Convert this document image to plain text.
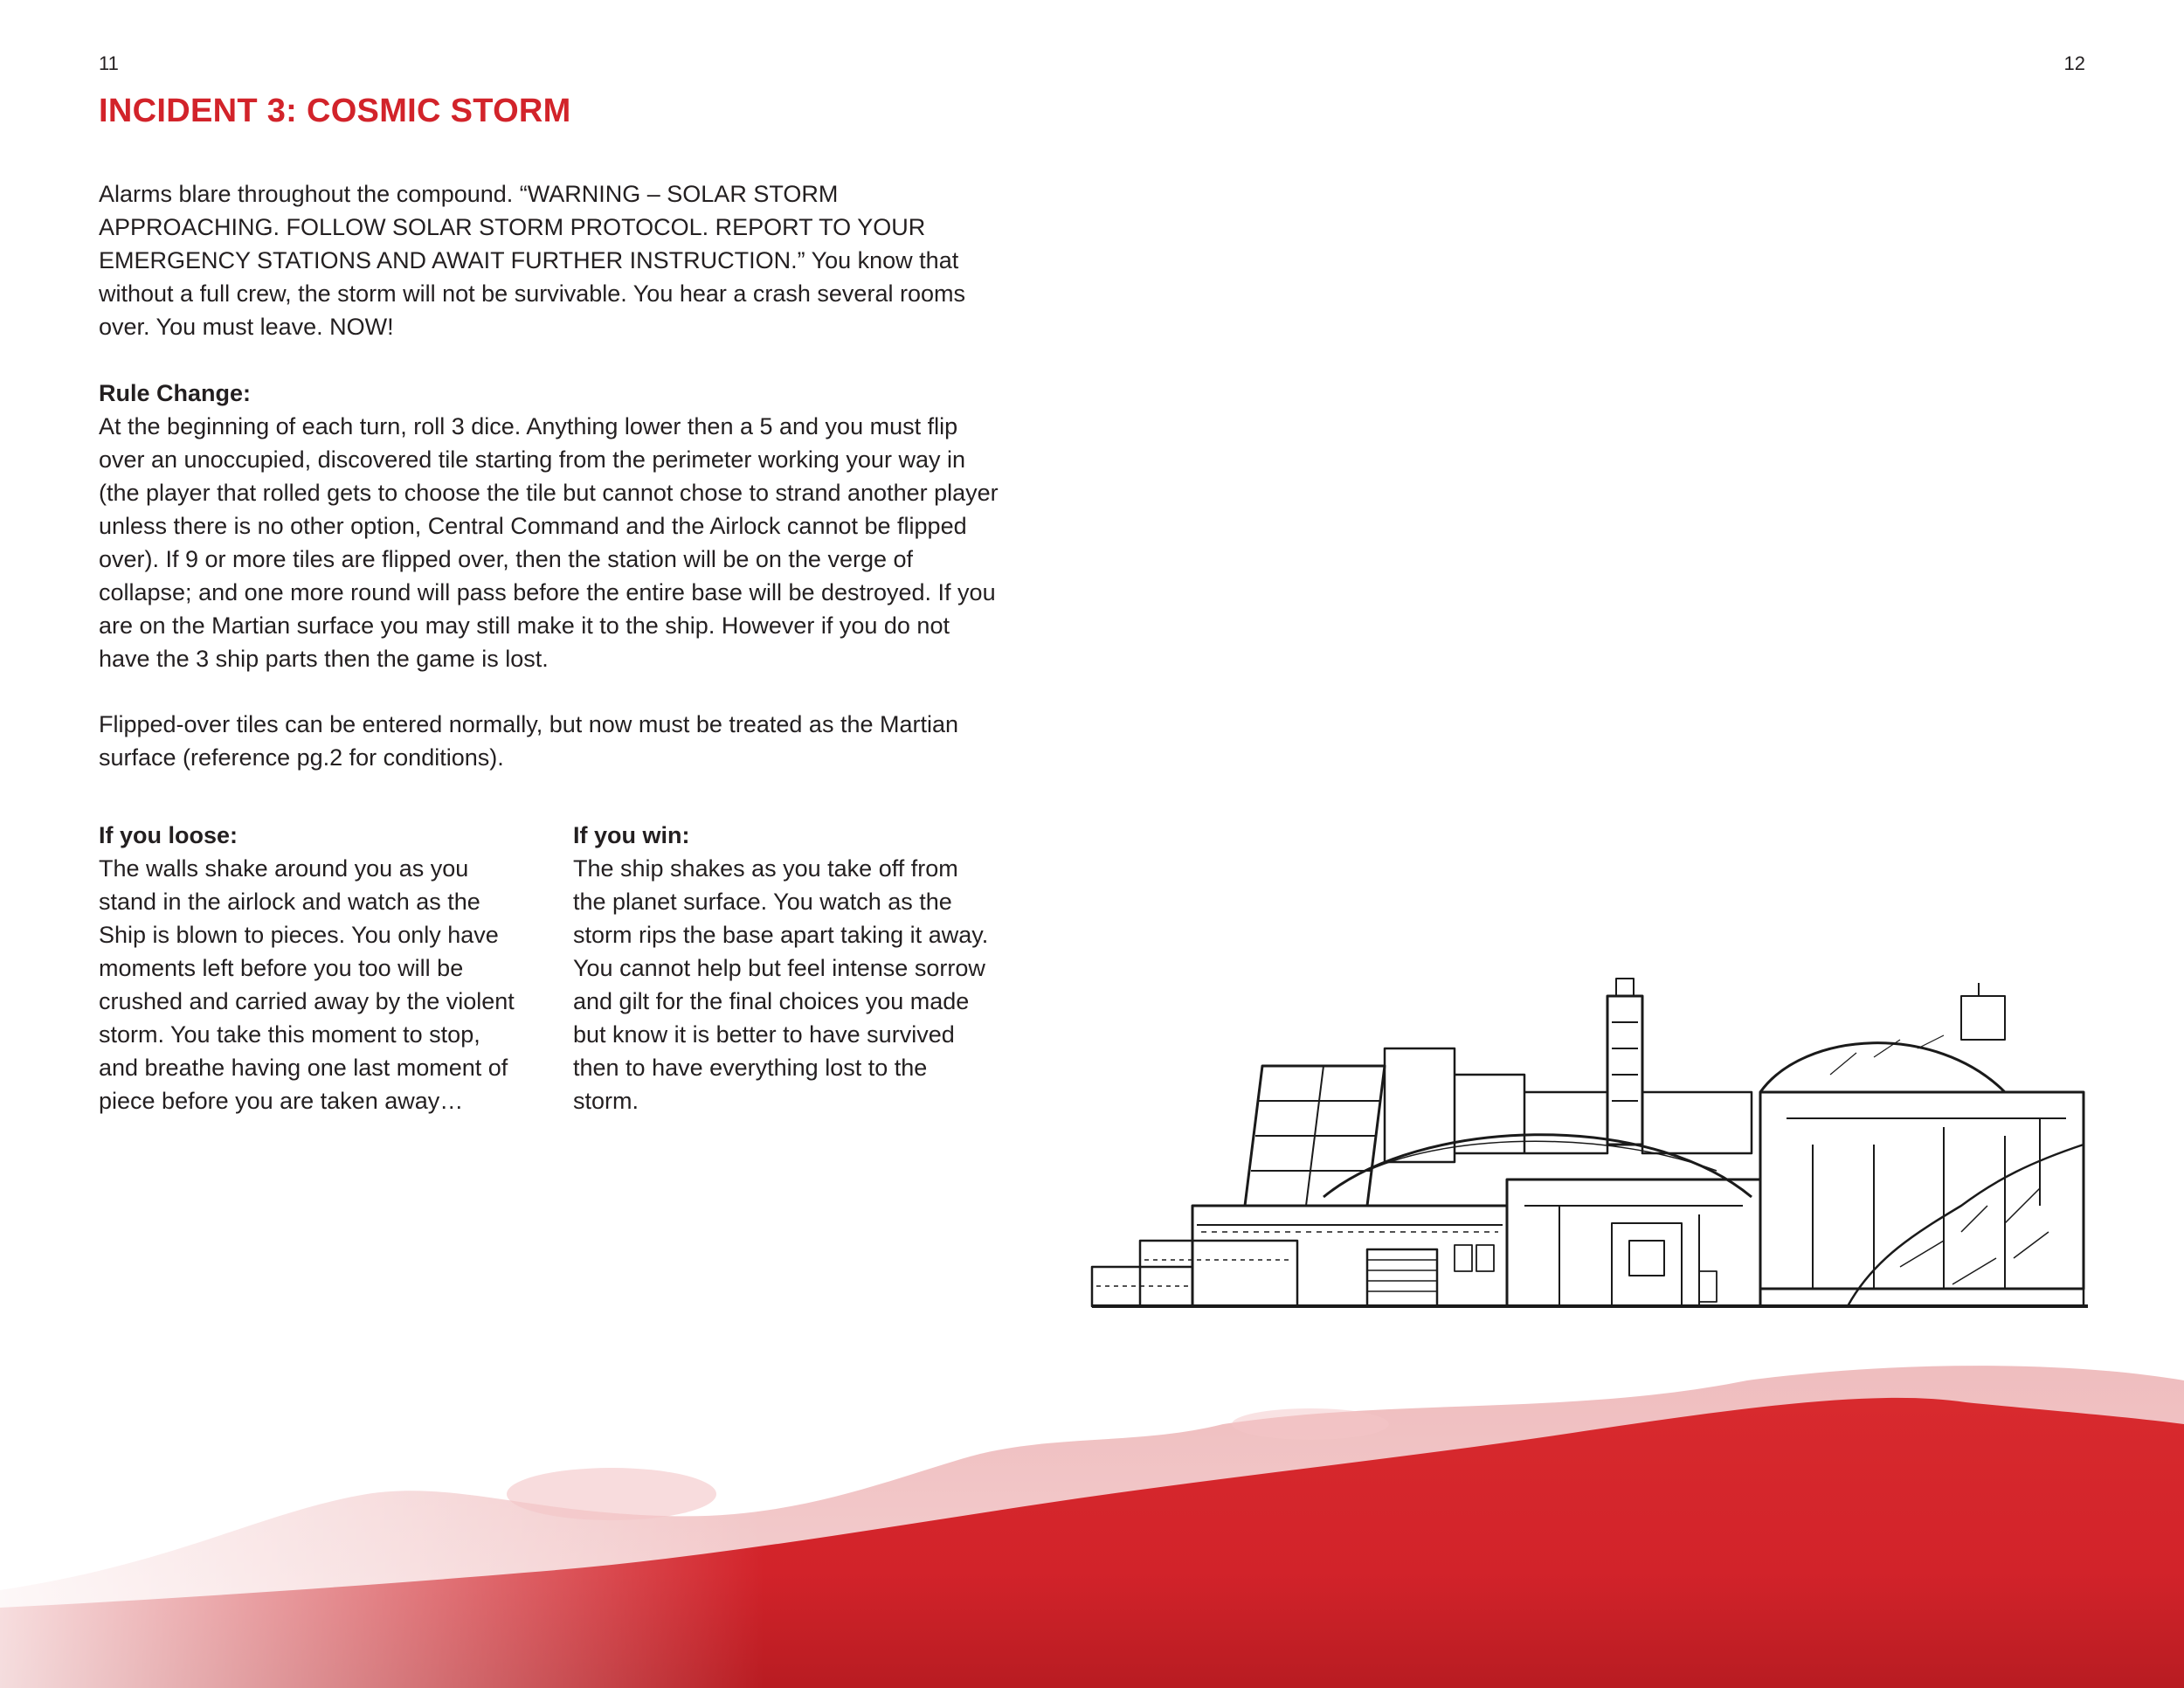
11	12
INCIDENT 3: COSMIC STORM

Alarms blare throughout the compound. “WARNING – SOLAR STORM APPROACHING. FOLLOW SOLAR STORM PROTOCOL. REPORT TO YOUR EMERGENCY STATIONS AND AWAIT FURTHER INSTRUCTION.” You know that without a full crew, the storm will not be survivable. You hear a crash several rooms over. You must leave. NOW!

Rule Change:
At the beginning of each turn, roll 3 dice. Anything lower then a 5 and you must flip over an unoccupied, discovered tile starting from the perimeter working your way in (the player that rolled gets to choose the tile but cannot chose to strand another player unless there is no other option, Central Command and the Airlock cannot be flipped over). If 9 or more tiles are flipped over, then the station will be on the verge of collapse; and one more round will pass before the entire base will be destroyed. If you are on the Martian surface you may still make it to the ship. However if you do not have the 3 ship parts then the game is lost.

Flipped-over tiles can be entered normally, but now must be treated as the Martian surface (reference pg.2 for conditions).

If you loose:

The walls shake around you as you stand in the airlock and watch as the Ship is blown to pieces. You only have moments left before you too will be crushed and carried away by the violent storm. You take this moment to stop, and breathe having one last moment of piece before you are taken away…

If you win:

The ship shakes as you take off from the planet surface. You watch as the storm rips the base apart taking it away. You cannot help but feel intense sorrow and gilt for the final choices you made but know it is better to have survived then to have everything lost to the storm.
